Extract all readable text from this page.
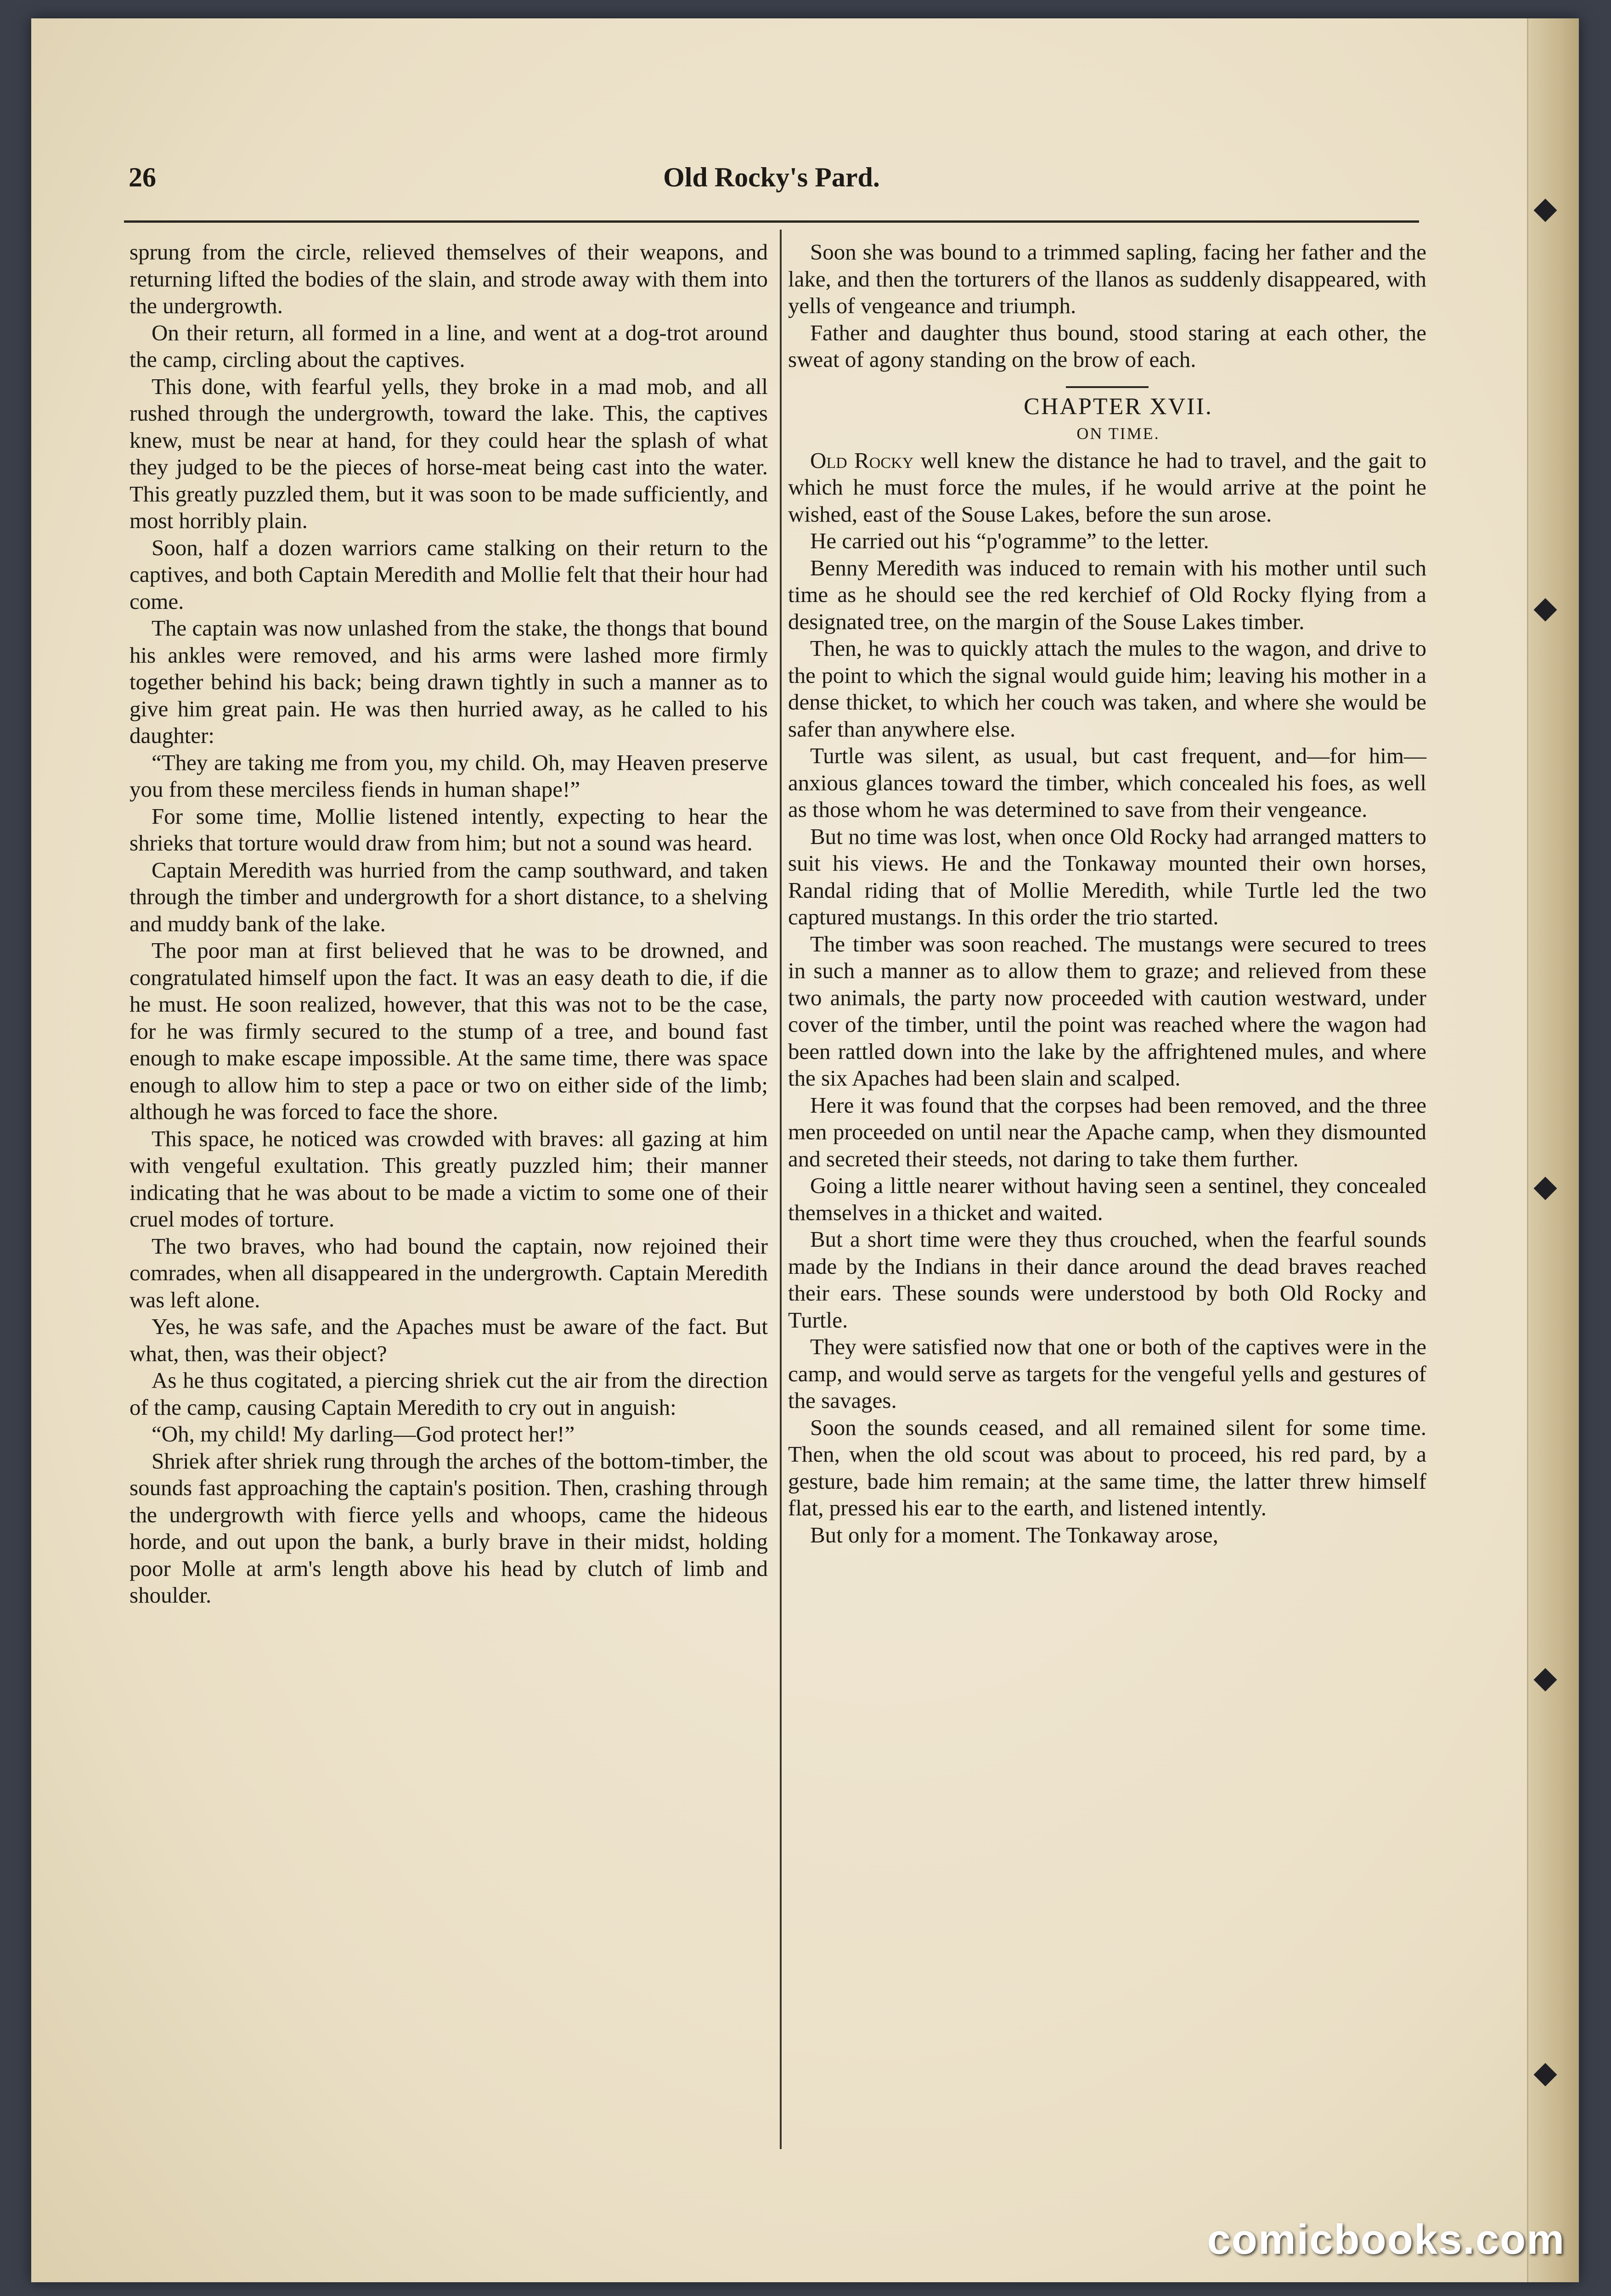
26	Old Rocky's Pard.

sprung from the circle, relieved themselves of their weapons, and returning lifted the bodies of the slain, and strode away with them into the undergrowth.

On their return, all formed in a line, and went at a dog-trot around the camp, circling about the captives.

This done, with fearful yells, they broke in a mad mob, and all rushed through the undergrowth, toward the lake. This, the captives knew, must be near at hand, for they could hear the splash of what they judged to be the pieces of horse-meat being cast into the water. This greatly puzzled them, but it was soon to be made sufficiently, and most horribly plain.

Soon, half a dozen warriors came stalking on their return to the captives, and both Captain Meredith and Mollie felt that their hour had come.

The captain was now unlashed from the stake, the thongs that bound his ankles were removed, and his arms were lashed more firmly together behind his back; being drawn tightly in such a manner as to give him great pain. He was then hurried away, as he called to his daughter:

“They are taking me from you, my child. Oh, may Heaven preserve you from these merciless fiends in human shape!”

For some time, Mollie listened intently, expecting to hear the shrieks that torture would draw from him; but not a sound was heard.

Captain Meredith was hurried from the camp southward, and taken through the timber and undergrowth for a short distance, to a shelving and muddy bank of the lake.

The poor man at first believed that he was to be drowned, and congratulated himself upon the fact. It was an easy death to die, if die he must. He soon realized, however, that this was not to be the case, for he was firmly secured to the stump of a tree, and bound fast enough to make escape impossible. At the same time, there was space enough to allow him to step a pace or two on either side of the limb; although he was forced to face the shore.

This space, he noticed was crowded with braves: all gazing at him with vengeful exultation. This greatly puzzled him; their manner indicating that he was about to be made a victim to some one of their cruel modes of torture.

The two braves, who had bound the captain, now rejoined their comrades, when all disappeared in the undergrowth. Captain Meredith was left alone.

Yes, he was safe, and the Apaches must be aware of the fact. But what, then, was their object?

As he thus cogitated, a piercing shriek cut the air from the direction of the camp, causing Captain Meredith to cry out in anguish:

“Oh, my child! My darling—God protect her!”

Shriek after shriek rung through the arches of the bottom-timber, the sounds fast approaching the captain's position. Then, crashing through the undergrowth with fierce yells and whoops, came the hideous horde, and out upon the bank, a burly brave in their midst, holding poor Molle at arm's length above his head by clutch of limb and shoulder.

Soon she was bound to a trimmed sapling, facing her father and the lake, and then the torturers of the llanos as suddenly disappeared, with yells of vengeance and triumph.

Father and daughter thus bound, stood staring at each other, the sweat of agony standing on the brow of each.

CHAPTER XVII.

ON TIME.

Old Rocky well knew the distance he had to travel, and the gait to which he must force the mules, if he would arrive at the point he wished, east of the Souse Lakes, before the sun arose.

He carried out his “p'ogramme” to the letter.

Benny Meredith was induced to remain with his mother until such time as he should see the red kerchief of Old Rocky flying from a designated tree, on the margin of the Souse Lakes timber.

Then, he was to quickly attach the mules to the wagon, and drive to the point to which the signal would guide him; leaving his mother in a dense thicket, to which her couch was taken, and where she would be safer than anywhere else.

Turtle was silent, as usual, but cast frequent, and—for him—anxious glances toward the timber, which concealed his foes, as well as those whom he was determined to save from their vengeance.

But no time was lost, when once Old Rocky had arranged matters to suit his views. He and the Tonkaway mounted their own horses, Randal riding that of Mollie Meredith, while Turtle led the two captured mustangs. In this order the trio started.

The timber was soon reached. The mustangs were secured to trees in such a manner as to allow them to graze; and relieved from these two animals, the party now proceeded with caution westward, under cover of the timber, until the point was reached where the wagon had been rattled down into the lake by the affrightened mules, and where the six Apaches had been slain and scalped.

Here it was found that the corpses had been removed, and the three men proceeded on until near the Apache camp, when they dismounted and secreted their steeds, not daring to take them further.

Going a little nearer without having seen a sentinel, they concealed themselves in a thicket and waited.

But a short time were they thus crouched, when the fearful sounds made by the Indians in their dance around the dead braves reached their ears. These sounds were understood by both Old Rocky and Turtle.

They were satisfied now that one or both of the captives were in the camp, and would serve as targets for the vengeful yells and gestures of the savages.

Soon the sounds ceased, and all remained silent for some time. Then, when the old scout was about to proceed, his red pard, by a gesture, bade him remain; at the same time, the latter threw himself flat, pressed his ear to the earth, and listened intently.

But only for a moment. The Tonkaway arose,

comicbooks.com
